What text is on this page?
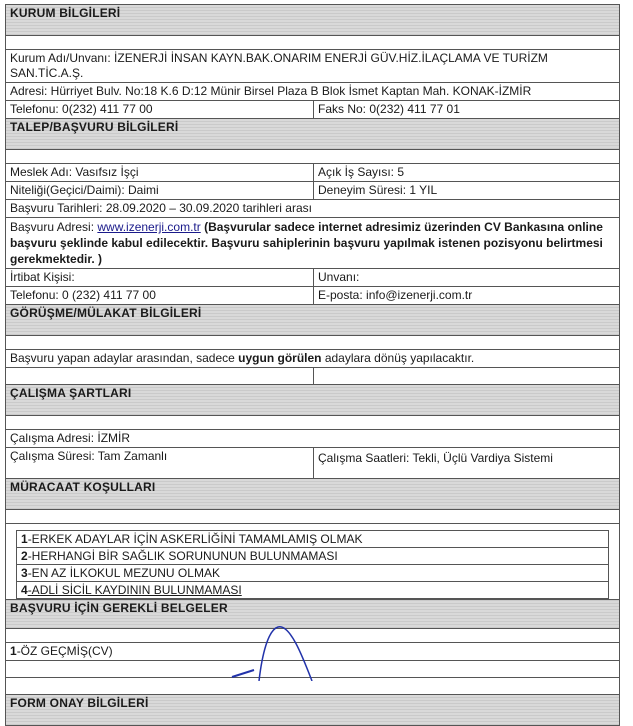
KURUM BİLGİLERİ
Kurum Adı/Unvanı: İZENERJİ İNSAN KAYN.BAK.ONARIM ENERJİ GÜV.HİZ.İLAÇLAMA VE TURİZM SAN.TİC.A.Ş.
Adresi: Hürriyet Bulv. No:18 K.6 D:12 Münir Birsel Plaza B Blok İsmet Kaptan Mah. KONAK-İZMİR
Telefonu: 0(232) 411 77 00	Faks No: 0(232) 411 77 01
TALEP/BAŞVURU BİLGİLERİ
Meslek Adı: Vasıfsız İşçi	Açık İş Sayısı: 5
Niteliği(Geçici/Daimi): Daimi	Deneyim Süresi: 1 YIL
Başvuru Tarihleri: 28.09.2020 – 30.09.2020 tarihleri arası
Başvuru Adresi: www.izenerji.com.tr (Başvurular sadece internet adresimiz üzerinden CV Bankasına online başvuru şeklinde kabul edilecektir. Başvuru sahiplerinin başvuru yapılmak istenen pozisyonu belirtmesi gerekmektedir. )
İrtibat Kişisi:	Unvanı:
Telefonu: 0 (232) 411 77 00	E-posta: info@izenerji.com.tr
GÖRÜŞME/MÜLAKAT BİLGİLERİ
Başvuru yapan adaylar arasından, sadece uygun görülen adaylara dönüş yapılacaktır.
ÇALIŞMA ŞARTLARI
Çalışma Adresi: İZMİR
Çalışma Süresi: Tam Zamanlı	Çalışma Saatleri: Tekli, Üçlü Vardiya Sistemi
MÜRACAAT KOŞULLARI
1-ERKEK ADAYLAR İÇİN ASKERLİĞİNİ TAMAMLAMIŞ OLMAK
2-HERHANGİ BİR SAĞLIK SORUNUNUN BULUNMAMASI
3-EN AZ İLKOKUL MEZUNU OLMAK
4-ADLİ SİCİL KAYDININ BULUNMAMASI
BAŞVURU İÇİN GEREKLİ BELGELER
1-ÖZ GEÇMİŞ(CV)
FORM ONAY BİLGİLERİ
